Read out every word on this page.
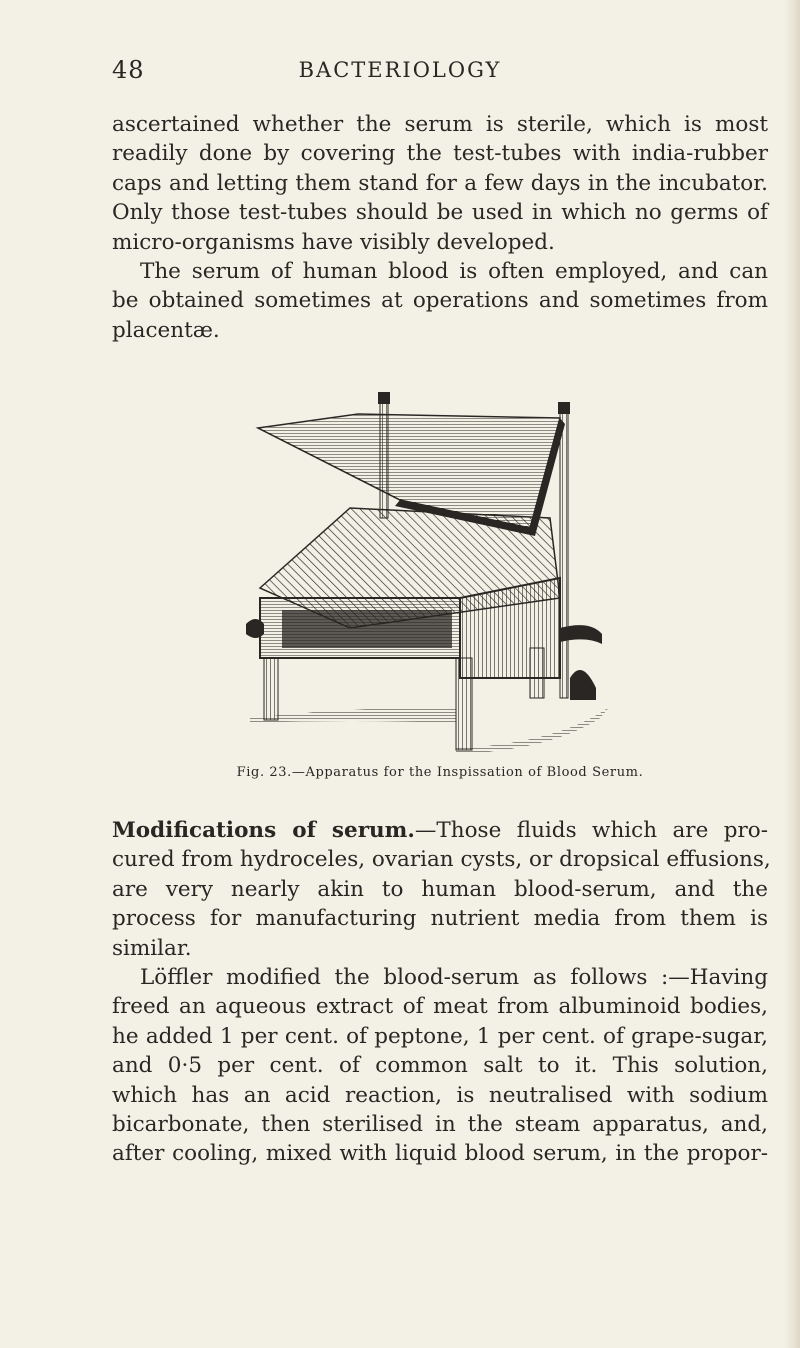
48	BACTERIOLOGY

ascertained whether the serum is sterile, which is most
readily done by covering the test-tubes with india-rubber
caps and letting them stand for a few days in the incubator.
Only those test-tubes should be used in which no germs of
micro-organisms have visibly developed.

The serum of human blood is often employed, and can
be obtained sometimes at operations and sometimes from
placentæ.

Fig. 23.—Apparatus for the Inspissation of Blood Serum.

Modifications of serum.—Those fluids which are pro-
cured from hydroceles, ovarian cysts, or dropsical effusions,
are very nearly akin to human blood-serum, and the
process for manufacturing nutrient media from them is
similar.

Löffler modified the blood-serum as follows :—Having
freed an aqueous extract of meat from albuminoid bodies,
he added 1 per cent. of peptone, 1 per cent. of grape-sugar,
and 0·5 per cent. of common salt to it. This solution,
which has an acid reaction, is neutralised with sodium
bicarbonate, then sterilised in the steam apparatus, and,
after cooling, mixed with liquid blood serum, in the propor-
